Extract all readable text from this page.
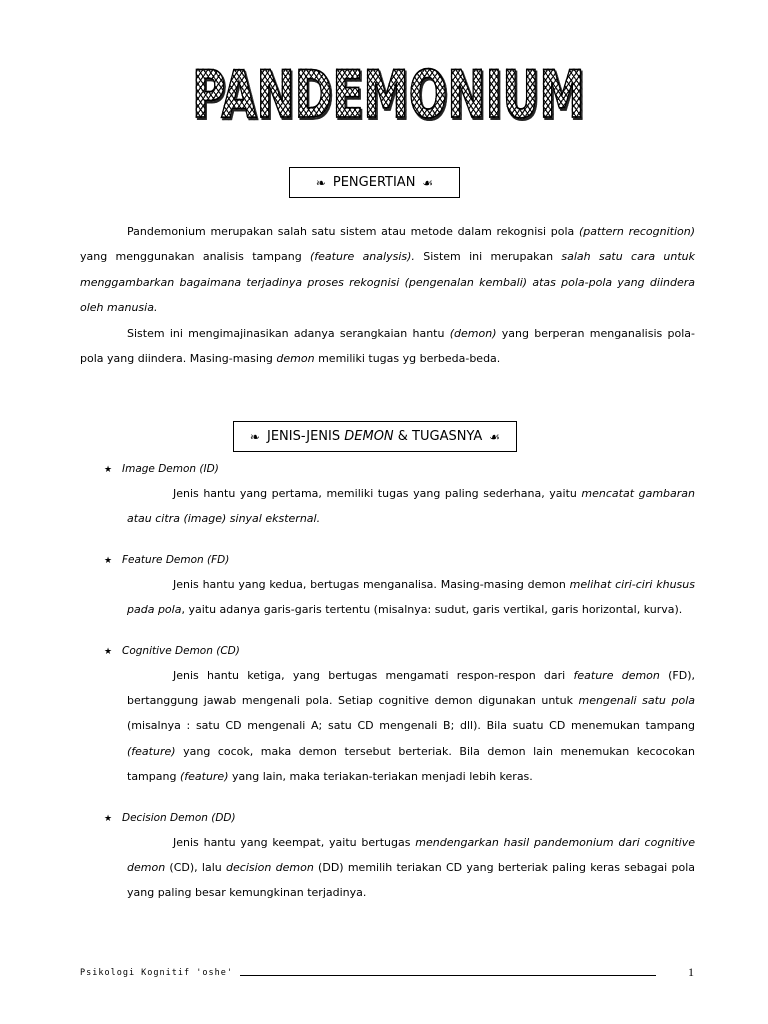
PANDEMONIUM
❧
PENGERTIAN
☙

Pandemonium merupakan salah satu sistem atau metode dalam rekognisi pola (pattern recognition) yang menggunakan analisis tampang (feature analysis). Sistem ini merupakan salah satu cara untuk menggambarkan bagaimana terjadinya proses rekognisi (pengenalan kembali) atas pola-pola yang diindera oleh manusia.

Sistem ini mengimajinasikan adanya serangkaian hantu (demon) yang berperan menganalisis pola-pola yang diindera. Masing-masing demon memiliki tugas yg berbeda-beda.

❧
JENIS-JENIS DEMON & TUGASNYA
☙
★Image Demon (ID)

Jenis hantu yang pertama, memiliki tugas yang paling sederhana, yaitu mencatat gambaran atau citra (image) sinyal eksternal.

★Feature Demon (FD)

Jenis hantu yang kedua, bertugas menganalisa. Masing-masing demon melihat ciri-ciri khusus pada pola, yaitu adanya garis-garis tertentu (misalnya: sudut, garis vertikal, garis horizontal, kurva).

★Cognitive Demon (CD)

Jenis hantu ketiga, yang bertugas mengamati respon-respon dari feature demon (FD), bertanggung jawab mengenali pola. Setiap cognitive demon digunakan untuk mengenali satu pola (misalnya : satu CD mengenali A; satu CD mengenali B; dll). Bila suatu CD menemukan tampang (feature) yang cocok, maka demon tersebut berteriak. Bila demon lain menemukan kecocokan tampang (feature) yang lain, maka teriakan-teriakan menjadi lebih keras.

★Decision Demon (DD)

Jenis hantu yang keempat, yaitu bertugas mendengarkan hasil pandemonium dari cognitive demon (CD), lalu decision demon (DD) memilih teriakan CD yang berteriak paling keras sebagai pola yang paling besar kemungkinan terjadinya.

Psikologi Kognitif 'oshe'	1
